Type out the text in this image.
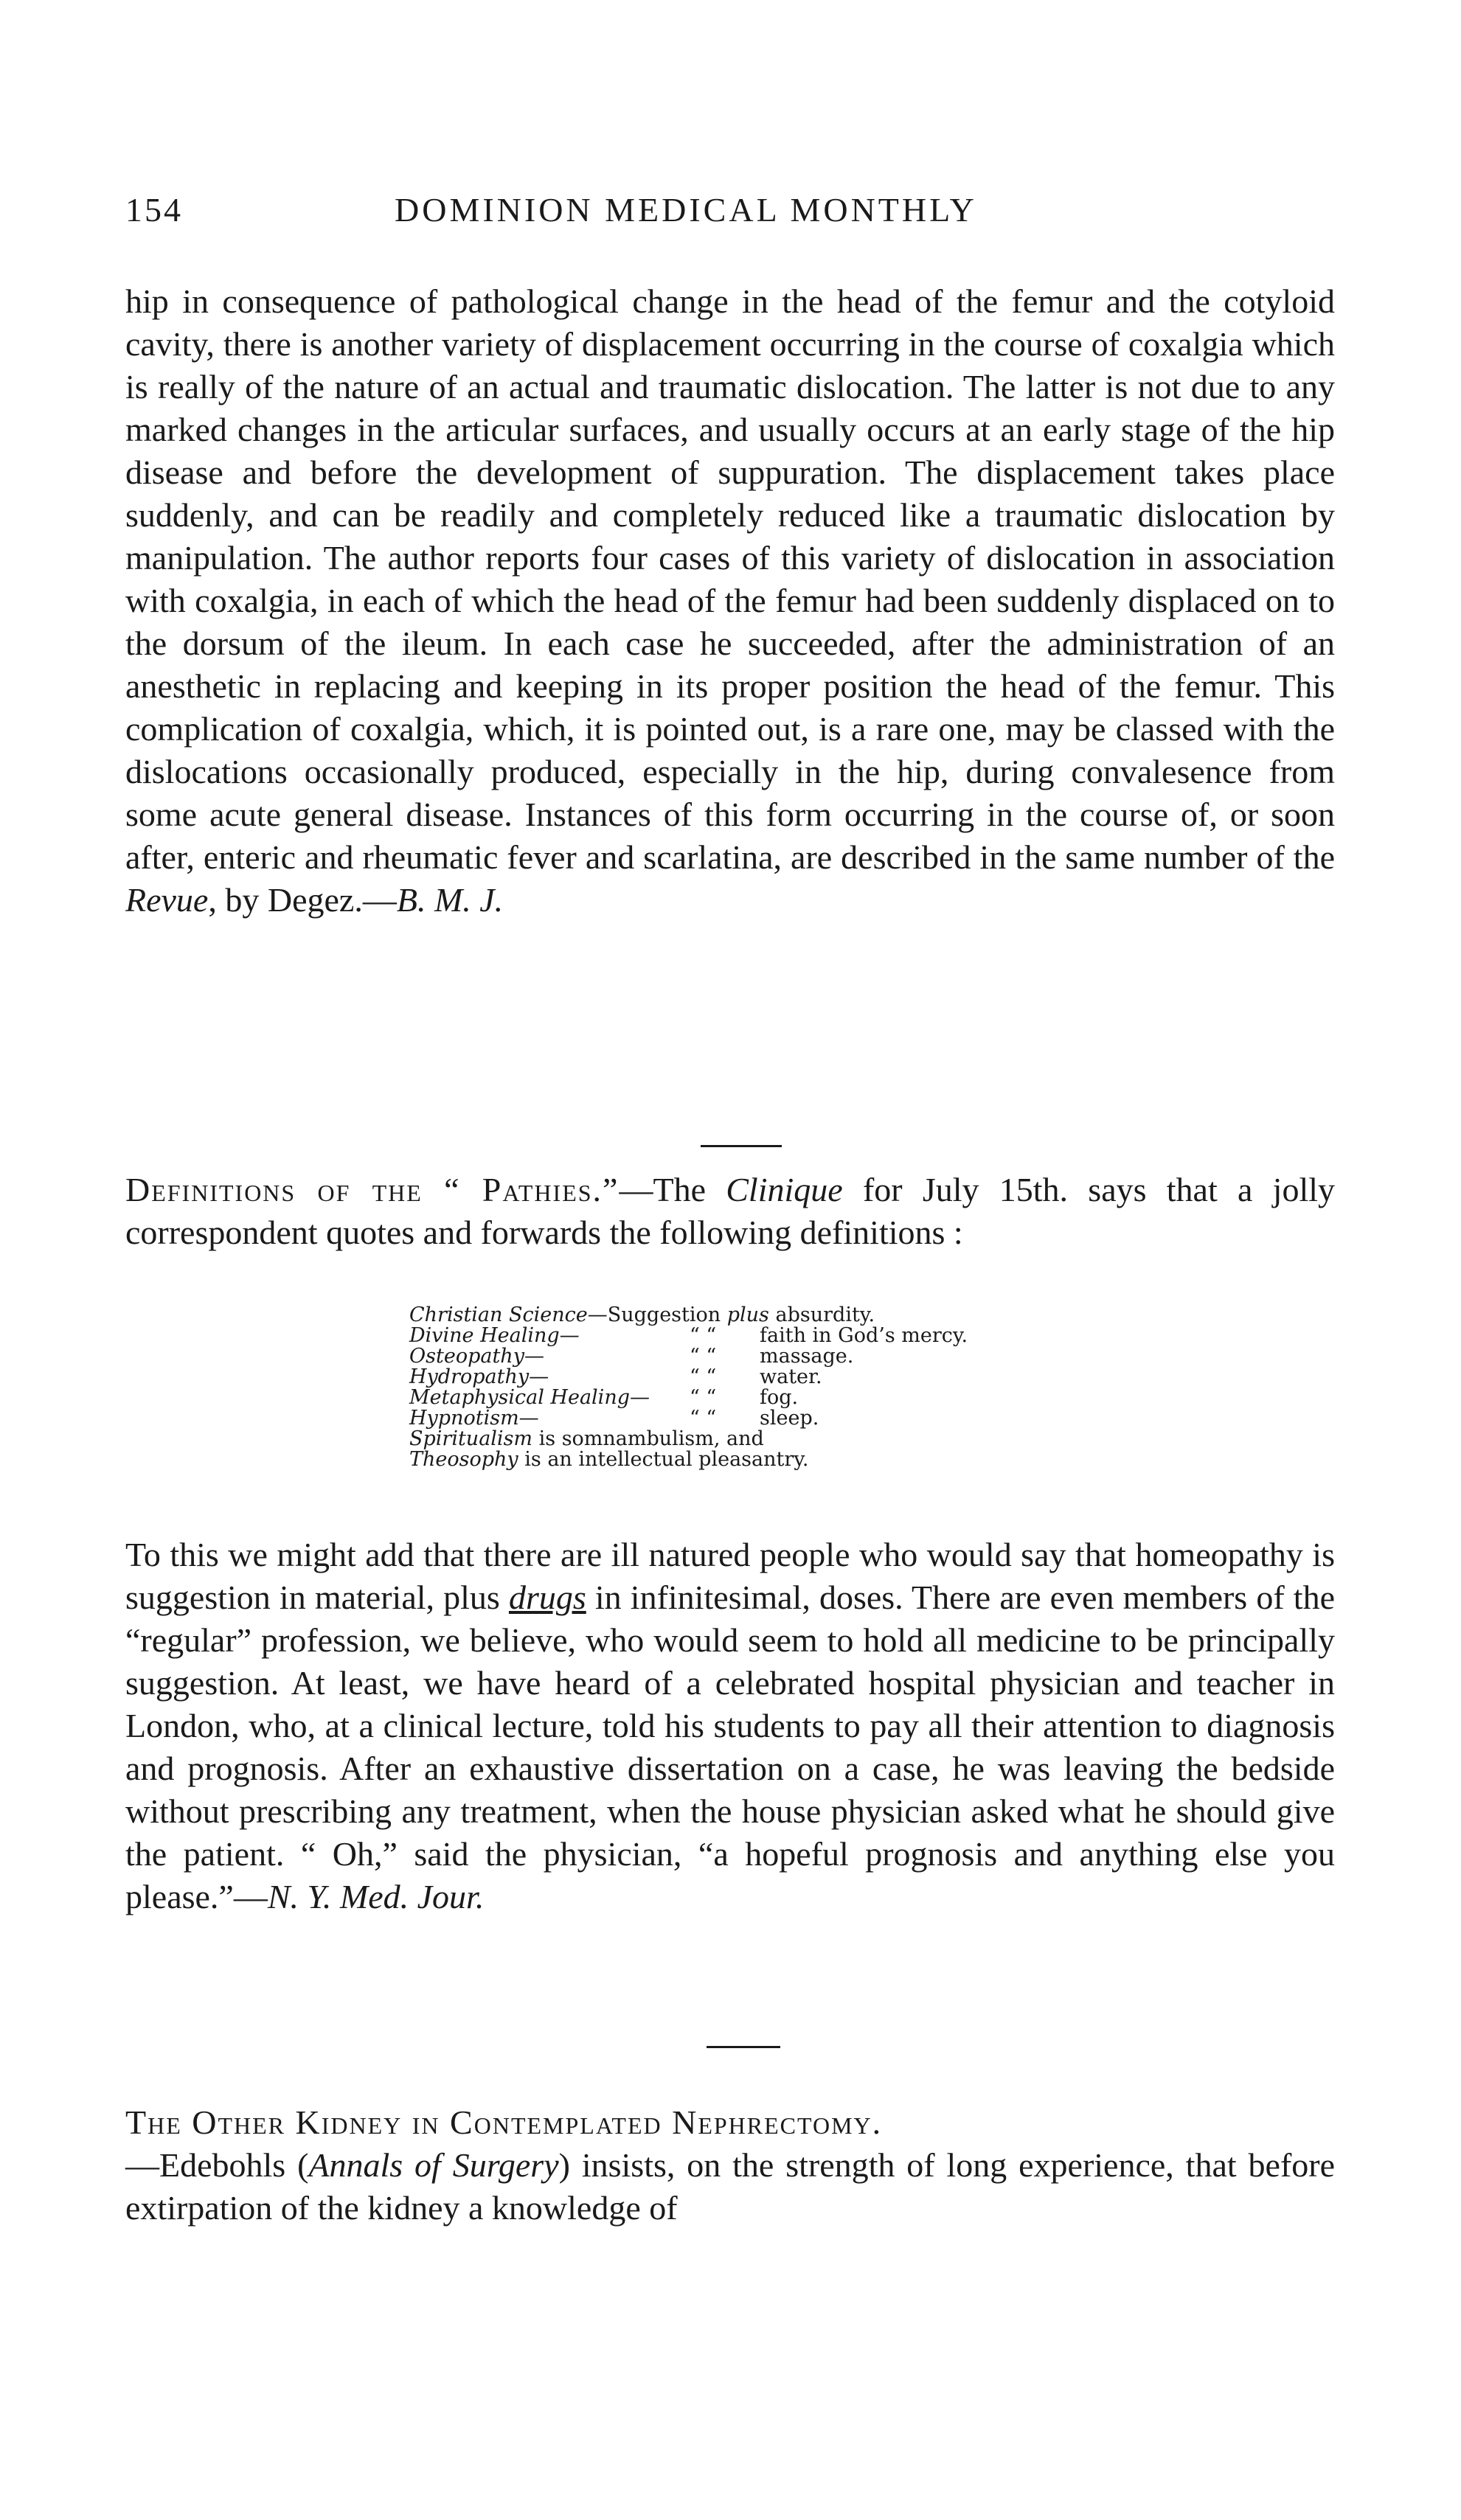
154	DOMINION MEDICAL MONTHLY

hip in consequence of pathological change in the head of the femur and the cotyloid cavity, there is another variety of displacement occurring in the course of coxalgia which is really of the nature of an actual and traumatic dislocation. The latter is not due to any marked changes in the articular surfaces, and usually occurs at an early stage of the hip disease and before the development of suppuration. The displacement takes place suddenly, and can be readily and completely reduced like a traumatic dislocation by manipulation. The author reports four cases of this variety of dislocation in association with coxalgia, in each of which the head of the femur had been suddenly displaced on to the dorsum of the ileum. In each case he succeeded, after the administration of an anesthetic in replacing and keeping in its proper position the head of the femur. This complication of coxalgia, which, it is pointed out, is a rare one, may be classed with the dislocations occasionally produced, especially in the hip, during convalesence from some acute general disease. Instances of this form occurring in the course of, or soon after, enteric and rheumatic fever and scarlatina, are described in the same number of the Revue, by Degez.—B. M. J.

Definitions of the “ Pathies.”—The Clinique for July 15th. says that a jolly correspondent quotes and forwards the following definitions :

Christian Science—Suggestion plus absurdity.
Divine Healing—	“ “ faith in God’s mercy.
Osteopathy—	“ “ massage.
Hydropathy—	“ “ water.
Metaphysical Healing— “ “ fog.
Hypnotism—	“ “ sleep.
Spiritualism is somnambulism, and
Theosophy is an intellectual pleasantry.

To this we might add that there are ill natured people who would say that homeopathy is suggestion in material, plus drugs in infinitesimal, doses. There are even members of the “regular” profession, we believe, who would seem to hold all medicine to be principally suggestion. At least, we have heard of a celebrated hospital physician and teacher in London, who, at a clinical lecture, told his students to pay all their attention to diagnosis and prognosis. After an exhaustive dissertation on a case, he was leaving the bedside without prescribing any treatment, when the house physician asked what he should give the patient. “ Oh,” said the physician, “a hopeful prognosis and anything else you please.”—N. Y. Med. Jour.

The Other Kidney in Contemplated Nephrectomy.
—Edebohls (Annals of Surgery) insists, on the strength of long experience, that before extirpation of the kidney a knowledge of
